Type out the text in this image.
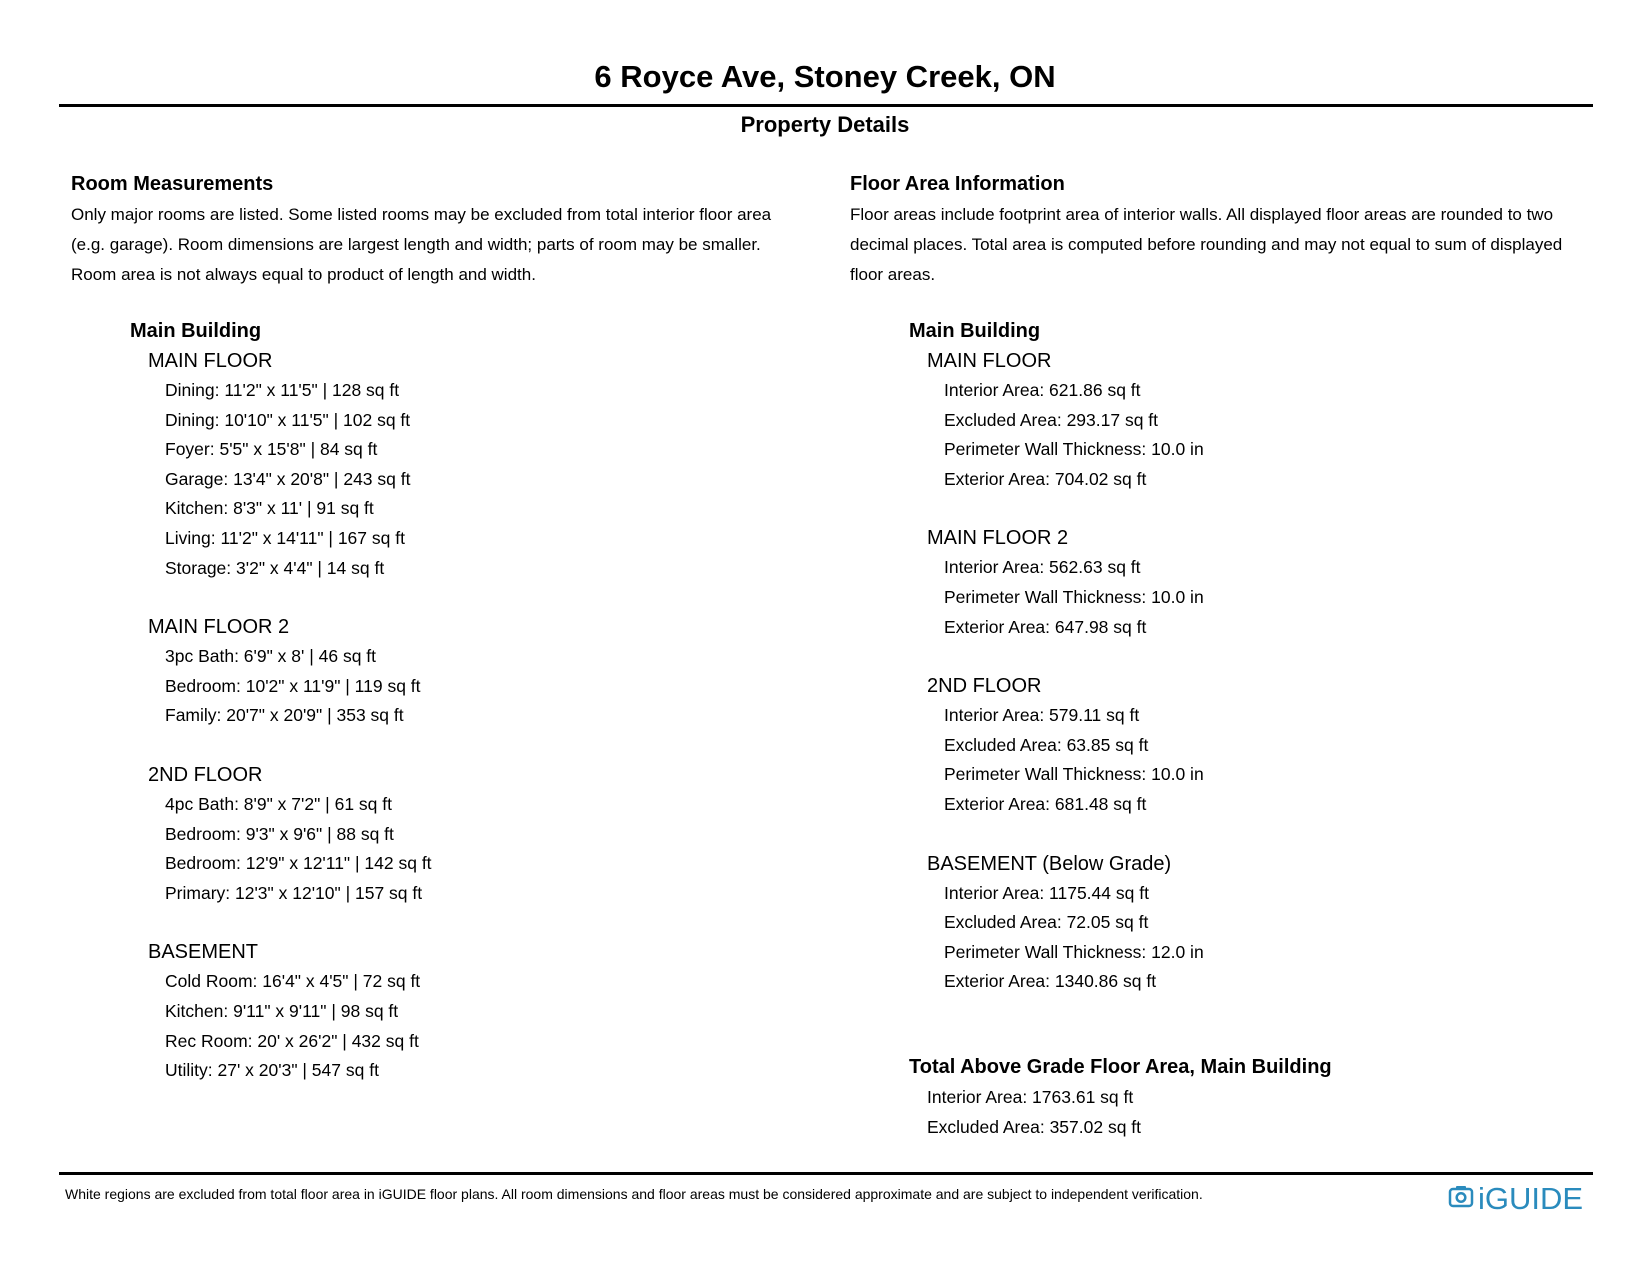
6 Royce Ave, Stoney Creek, ON
Property Details

Room Measurements

Only major rooms are listed. Some listed rooms may be excluded from total interior floor area
(e.g. garage). Room dimensions are largest length and width; parts of room may be smaller.
Room area is not always equal to product of length and width.

Main Building
MAIN FLOOR
Dining: 11'2" x 11'5" | 128 sq ft
Dining: 10'10" x 11'5" | 102 sq ft
Foyer: 5'5" x 15'8" | 84 sq ft
Garage: 13'4" x 20'8" | 243 sq ft
Kitchen: 8'3" x 11' | 91 sq ft
Living: 11'2" x 14'11" | 167 sq ft
Storage: 3'2" x 4'4" | 14 sq ft
MAIN FLOOR 2
3pc Bath: 6'9" x 8' | 46 sq ft
Bedroom: 10'2" x 11'9" | 119 sq ft
Family: 20'7" x 20'9" | 353 sq ft
2ND FLOOR
4pc Bath: 8'9" x 7'2" | 61 sq ft
Bedroom: 9'3" x 9'6" | 88 sq ft
Bedroom: 12'9" x 12'11" | 142 sq ft
Primary: 12'3" x 12'10" | 157 sq ft
BASEMENT
Cold Room: 16'4" x 4'5" | 72 sq ft
Kitchen: 9'11" x 9'11" | 98 sq ft
Rec Room: 20' x 26'2" | 432 sq ft
Utility: 27' x 20'3" | 547 sq ft

Floor Area Information

Floor areas include footprint area of interior walls. All displayed floor areas are rounded to two
decimal places. Total area is computed before rounding and may not equal to sum of displayed
floor areas.

Main Building
MAIN FLOOR
Interior Area: 621.86 sq ft
Excluded Area: 293.17 sq ft
Perimeter Wall Thickness: 10.0 in
Exterior Area: 704.02 sq ft
MAIN FLOOR 2
Interior Area: 562.63 sq ft
Perimeter Wall Thickness: 10.0 in
Exterior Area: 647.98 sq ft
2ND FLOOR
Interior Area: 579.11 sq ft
Excluded Area: 63.85 sq ft
Perimeter Wall Thickness: 10.0 in
Exterior Area: 681.48 sq ft
BASEMENT (Below Grade)
Interior Area: 1175.44 sq ft
Excluded Area: 72.05 sq ft
Perimeter Wall Thickness: 12.0 in
Exterior Area: 1340.86 sq ft
Total Above Grade Floor Area, Main Building
Interior Area: 1763.61 sq ft
Excluded Area: 357.02 sq ft
White regions are excluded from total floor area in iGUIDE floor plans. All room dimensions and floor areas must be considered approximate and are subject to independent verification.	iGUIDE
